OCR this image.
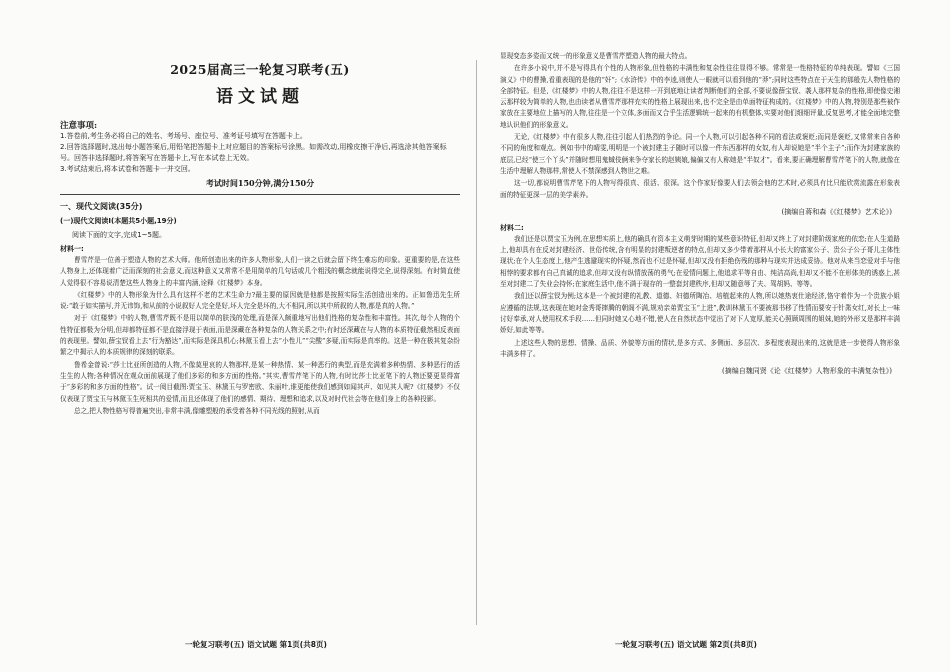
2025届高三一轮复习联考(五)
语文试题
注意事项:
1.答卷前,考生务必将自己的姓名、考场号、座位号、准考证号填写在答题卡上。
2.回答选择题时,选出每小题答案后,用铅笔把答题卡上对应题目的答案标号涂黑。如需改动,用橡皮擦干净后,再选涂其他答案标号。回答非选择题时,将答案写在答题卡上,写在本试卷上无效。
3.考试结束后,将本试卷和答题卡一并交回。
考试时间150分钟,满分150分
一、现代文阅读(35分)
(一)现代文阅读Ⅰ(本题共5小题,19分)
阅读下面的文字,完成1~5题。
材料一:

曹雪芹是一位善于塑造人物的艺术大师。他所创造出来的许多人物形象,人们一读之后就会留下终生难忘的印象。更重要的是,在这些人物身上,还体现着广泛而深刻的社会意义,而这种意义又常常不是用简单的几句话或几个粗浅的概念就能说得完全,说得深刻。有时简直使人觉得很不容易说清楚这些人物身上的丰富内涵,诠释《红楼梦》本身。

《红楼梦》中的人物形象为什么具有这样不老的艺术生命力?最主要的原因就是他都是按照实际生活创造出来的。正如鲁迅先生所说:“敢于如实描写,并无讳饰,和从前的小说叙好人完全是好,坏人完全是坏的,大不相同,所以其中所叙的人物,都是真的人物。”

对于《红楼梦》中的人物,曹雪芹既不是用以简单的肤浅的处理,而是深入颇重地写出他们性格的复杂性和丰富性。其次,每个人物的个性特征都极为分明,但却都特征都不是直接浮现于表面,而是深藏在各种复杂的人物关系之中;有时还深藏在与人物的本质特征截然相反表面的表现里。譬如,薛宝钗看上去“行为豁达”,而实际是深具机心;林黛玉看上去“小性儿”“尖酸”多疑,而实际是真率的。这是一种在极其复杂纷繁之中揭示人的本质规律的深刻的联系。

鲁希金曾说:“莎士比亚所创造的人物,不像莫里哀的人物那样,是某一种热情、某一种恶行的典型,而是充满着多种热情、多种恶行的活生生的人物;各种情况在观众面前展现了他们多彩的和多方面的性格。”其实,曹雪芹笔下的人物,有时比莎士比亚笔下的人物还要更显得富于“多彩的和多方面的性格”。试一阅目截图:贾宝玉、林黛玉与罗密欧、朱丽叶,谁更能使我们感到如闻其声、如见其人呢?《红楼梦》不仅仅表现了贾宝玉与林黛玉生死相共的爱情,而且还体现了他们的感情、期待、理想和追求,以及对时代社会等在他们身上的各种投影。

总之,把人物性格写得普遍突出,非常丰满,像雕塑般的承受着各种不同光线的照射,从而

显现变态多姿而又统一的形象意义是曹雪芹塑造人物的最大特点。

在许多小说中,并不是写得具有个性的人物形象,但性格的丰满性和复杂性往往显得不够。常常是一性格特征的单纯表现。譬如《三国演义》中的曹操,看重表现的是他的“奸”;《水浒传》中的李逵,则使人一眼就可以看到他的“莽”;同时这些特点在于天生的那般先人物性格的全部特征。但是,《红楼梦》中的人物,往往不是这样一开到底地让读者判断他们的全部,不要说像薛宝钗、袭人那样复杂的性格,即使像史湘云那样较为简单的人物,也由读者从曹雪芹那样充实的性格上展现出来,也不完全是由单面特征构成的。《红楼梦》中的人物,特别是那些被作家放在主要地位上描写的人物,往往是一个立体,多面而又合乎生活逻辑统一起来的有机整体,实要对他们细细评量,反复思考,才能全面地完整地认识他们的形象意义。

无论,《红楼梦》中有很多人物,往往引起人们热烈的争论。同一个人物,可以引起各种不同的看法或褒贬;而同是褒贬,又常常来自各种不同的角度和观点。例如书中的晴雯,明明是一个被封建主子随时可以像一件东西那样的女奴,有人却说她是“半个主子”;而作为封建家族的底层,已经“使三个丫头”并随时想用鬼蜮伎俩来争夺家长的赵姨娘,偏偏又有人称她是“半奴才”。看来,要正确理解曹雪芹笔下的人物,就像在生活中理解人物那样,常使人不禁深感到人物世之难。

这一切,都说明曹雪芹笔下的人物写得很真、很活、很深。这个作家好像要人们去领会他的艺术时,必须具有比只能欣赏流露在形象表面的特征更深一层的美学素养。

(摘编自蒋和森《《红楼梦》艺术论》)
材料二:

我们还是以贾宝玉为例,在思想实质上,他的确具有资本主义萌芽时期的某些意识特征,但却又终上了对封建阶级家庭的依恋;在人生道路上,他却具有在反对封建经济、世俗传统,含有明显的封建叛逆者的特点,但却又多少带着那样从小长大的富家公子、贵公子公子哥儿主体性现状;在个人生态度上,他产生逃避现实的怀疑,然而也不过是怀疑,但却又没有拒绝伤残的那种与现实并达成妥协。他对从来当恋爱对手与他相悖的要求都有自己真诚的追求,但却又没有纵情放荡的勇气;在爱情问题上,他追求平等自由、纯洁高尚,但却又不能不在形体美的诱惑上,甚至对封建二了失业会持怀;在家庭生活中,他不满于现存的一整套封建秩序,但却又随意辱了夫、驾胡妈、等等。

我们还以薛宝钗为例;这本是一个被封建的礼教、道德、妇德所陶冶、培植起来的人物,所以她热衷仕途经济,恪守着作为一个贵族小姐应遵循的法规,这表现在她对金秀哥摔腾的朝阁不满,规劝亲弟贾宝玉“上进”,教训林黛玉不要被那书移了性情而要安于针黹女红,对长上一味讨好奉承,对人使用权术手段……但同时她又心地不错,使人在自然状态中觉出了对下人宽厚,能关心照顾周围的姐妹,她的外形又是那样丰满娇好,如此等等。

上述这些人物的思想、情操、品质、外貌等方面的情状,是多方式、多侧面、多层次、多程度表现出来的,这就是进一步使得人物形象丰满多样了。

(摘编自魏同贤《论《红楼梦》人物形象的丰满复杂性》)
一轮复习联考(五) 语文试题 第1页(共8页)	一轮复习联考(五) 语文试题 第2页(共8页)
